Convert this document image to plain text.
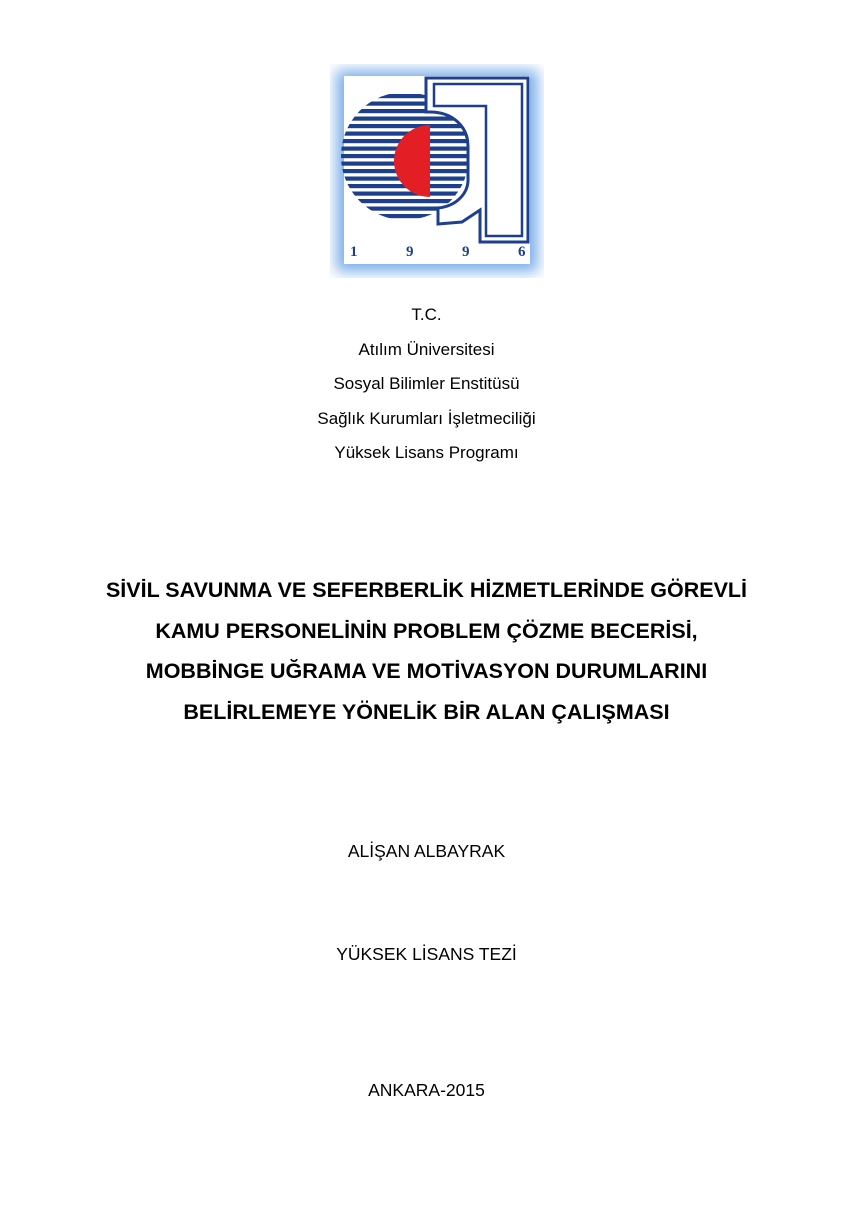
1	9	9	6
T.C.
Atılım Üniversitesi
Sosyal Bilimler Enstitüsü
Sağlık Kurumları İşletmeciliği
Yüksek Lisans Programı
SİVİL SAVUNMA VE SEFERBERLİK HİZMETLERİNDE GÖREVLİ
KAMU PERSONELİNİN PROBLEM ÇÖZME BECERİSİ,
MOBBİNGE UĞRAMA VE MOTİVASYON DURUMLARINI
BELİRLEMEYE YÖNELİK BİR ALAN ÇALIŞMASI
ALİŞAN ALBAYRAK
YÜKSEK LİSANS TEZİ
ANKARA-2015
